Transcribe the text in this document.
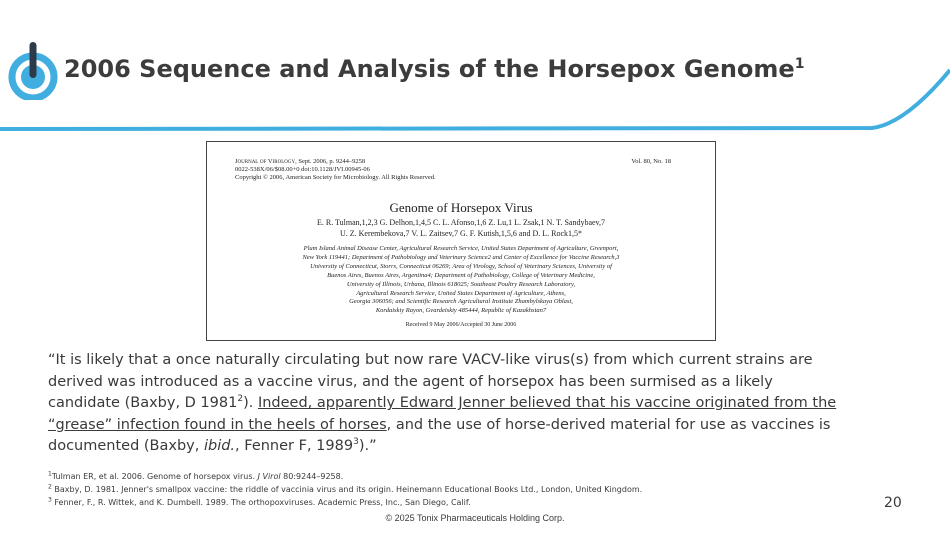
2006 Sequence and Analysis of the Horsepox Genome$^1$
Journal of Virology, Sept. 2006, p. 9244–9258
0022-538X/06/$08.00+0 doi:10.1128/JVI.00945-06
Copyright © 2006, American Society for Microbiology. All Rights Reserved.
Vol. 80, No. 18
Genome of Horsepox Virus
E. R. Tulman,1,2,3 G. Delhon,1,4,5 C. L. Afonso,1,6 Z. Lu,1 L. Zsak,1 N. T. Sandybaev,7
U. Z. Kerembekova,7 V. L. Zaitsev,7 G. F. Kutish,1,5,6 and D. L. Rock1,5*
Plum Island Animal Disease Center, Agricultural Research Service, United States Department of Agriculture, Greenport,
New York 119441; Department of Pathobiology and Veterinary Science2 and Center of Excellence for Vaccine Research,3
University of Connecticut, Storrs, Connecticut 06269; Area of Virology, School of Veterinary Sciences, University of
Buenos Aires, Buenos Aires, Argentina4; Department of Pathobiology, College of Veterinary Medicine,
University of Illinois, Urbana, Illinois 618025; Southeast Poultry Research Laboratory,
Agricultural Research Service, United States Department of Agriculture, Athens,
Georgia 306056; and Scientific Research Agricultural Institute Zhambylskaya Oblast,
Kordaiskiy Rayon, Gvardeiskiy 485444, Republic of Kazakhstan7
Received 9 May 2006/Accepted 30 June 2006

“It is likely that a once naturally circulating but now rare VACV-like virus(s) from which current strains are derived was introduced as a vaccine virus, and the agent of horsepox has been surmised as a likely candidate (Baxby, D 1981$^2$). Indeed, apparently Edward Jenner believed that his vaccine originated from the “grease” infection found in the heels of horses, and the use of horse-derived material for use as vaccines is documented (Baxby, ibid., Fenner F, 1989$^3$).”

$^1$Tulman ER, et al. 2006. Genome of horsepox virus. J Virol 80:9244–9258.
$^2$ Baxby, D. 1981. Jenner's smallpox vaccine: the riddle of vaccinia virus and its origin. Heinemann Educational Books Ltd., London, United Kingdom.
$^3$ Fenner, F., R. Wittek, and K. Dumbell. 1989. The orthopoxviruses. Academic Press, Inc., San Diego, Calif.	20
© 2025 Tonix Pharmaceuticals Holding Corp.
